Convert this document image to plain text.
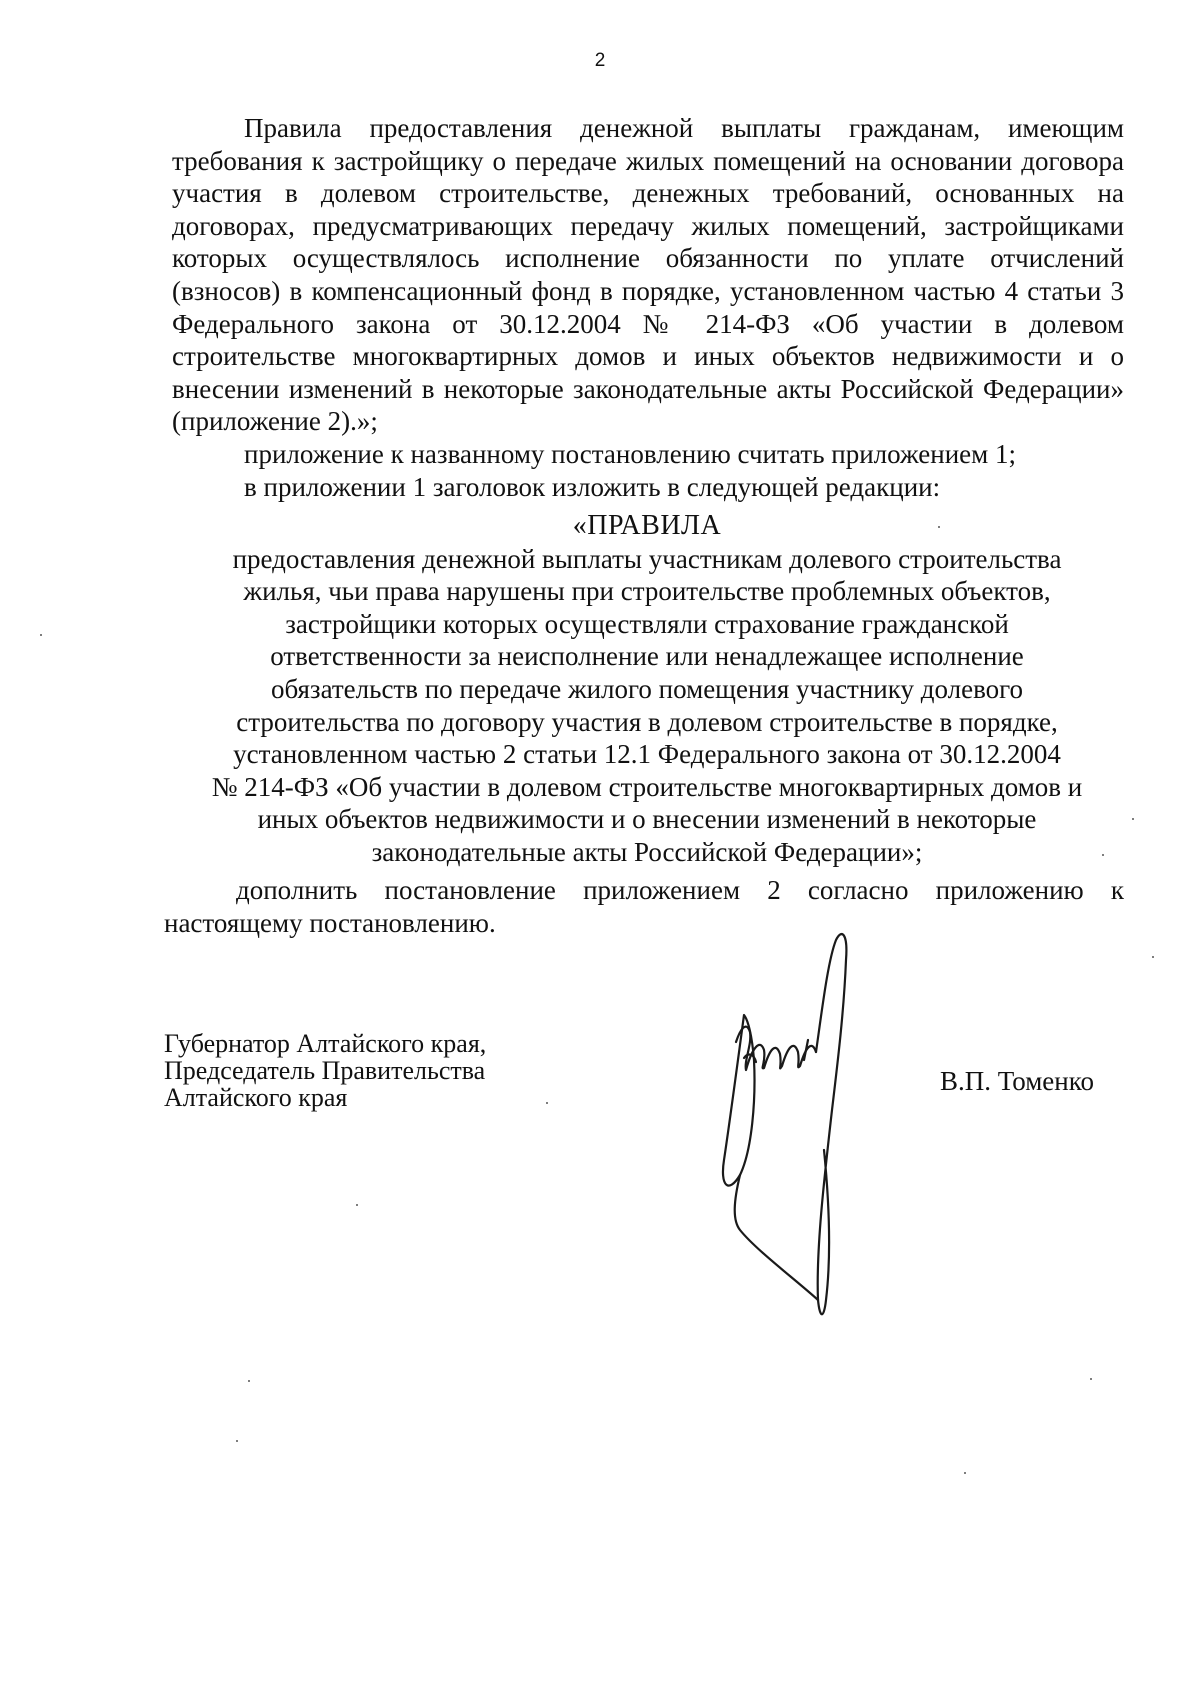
2

Правила предоставления денежной выплаты гражданам, имеющим требования к застройщику о передаче жилых помещений на основании договора участия в долевом строительстве, денежных требований, основанных на договорах, предусматривающих передачу жилых помещений, застройщиками которых осуществлялось исполнение обязанности по уплате отчислений (взносов) в компенсационный фонд в порядке, установленном частью 4 статьи 3 Федерального закона от 30.12.2004 № 214-ФЗ «Об участии в долевом строительстве многоквартирных домов и иных объектов недвижимости и о внесении изменений в некоторые законодательные акты Российской Федерации» (приложение 2).»;

приложение к названному постановлению считать приложением 1;

в приложении 1 заголовок изложить в следующей редакции:

«ПРАВИЛА

предоставления денежной выплаты участникам долевого строительства

жилья, чьи права нарушены при строительстве проблемных объектов,

застройщики которых осуществляли страхование гражданской

ответственности за неисполнение или ненадлежащее исполнение

обязательств по передаче жилого помещения участнику долевого

строительства по договору участия в долевом строительстве в порядке,

установленном частью 2 статьи 12.1 Федерального закона от 30.12.2004

№ 214-ФЗ «Об участии в долевом строительстве многоквартирных домов и

иных объектов недвижимости и о внесении изменений в некоторые

законодательные акты Российской Федерации»;

дополнить постановление приложением 2 согласно приложению к настоящему постановлению.

Губернатор Алтайского края,
Председатель Правительства
Алтайского края
В.П. Томенко
